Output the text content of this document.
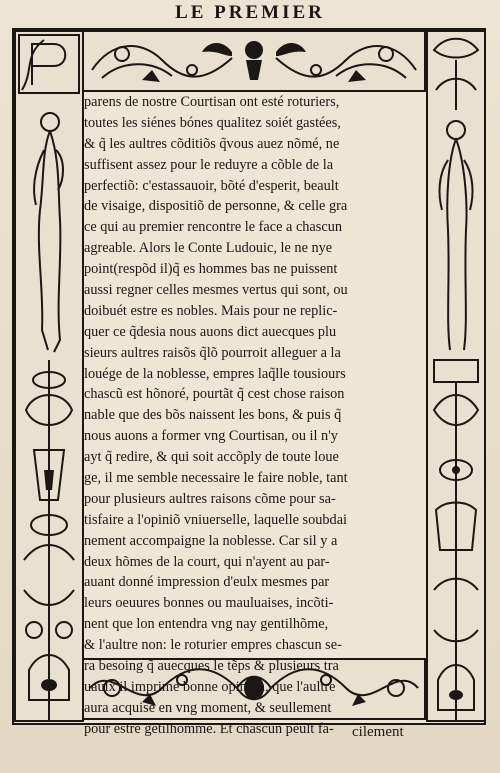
LE PREMIER
parens de nostre Courtisan ont esté roturiers,
toutes les siénes bónes qualitez soiét gastées,
& q̃ les aultres cõditiõs q̃vous auez nõmé, ne
suffisent assez pour le reduyre a cõble de la
perfectiõ: c'estassauoir, bõté d'esperit, beault
de visaige, dispositiõ de personne, & celle gra
ce qui au premier rencontre le face a chascun
agreable. Alors le Conte Ludouic, le ne nye
point(respõd il)q̃ es hommes bas ne puissent
aussi regner celles mesmes vertus qui sont, ou
doibuét estre es nobles. Mais pour ne replic-
quer ce q̃desia nous auons dict auecques plu
sieurs aultres raisõs q̃lõ pourroit alleguer a la
louége de la noblesse, empres laq̃lle tousiours
chascũ est hõnoré, pourtãt q̃ cest chose raison
nable que des bõs naissent les bons, & puis q̃
nous auons a former vng Courtisan, ou il n'y
ayt q̃ redire, & qui soit accõply de toute loue
ge, il me semble necessaire le faire noble, tant
pour plusieurs aultres raisons cõme pour sa-
tisfaire a l'opiniõ vniuerselle, laquelle soubdai
nement accompaigne la noblesse. Car sil y a
deux hõmes de la court, qui n'ayent au par-
auant donné impression d'eulx mesmes par
leurs oeuures bonnes ou mauluaises, incõti-
nent que lon entendra vng nay gentilhõme,
& l'aultre non: le roturier empres chascun se-
ra besoing q̃ auecques le tẽps & plusieurs tra
uaulx il imprime bonne opinion, que l'aultre
aura acquise en vng moment, & seullement
pour estre gẽtilhomme. Et chascun peult fa-	cilement
